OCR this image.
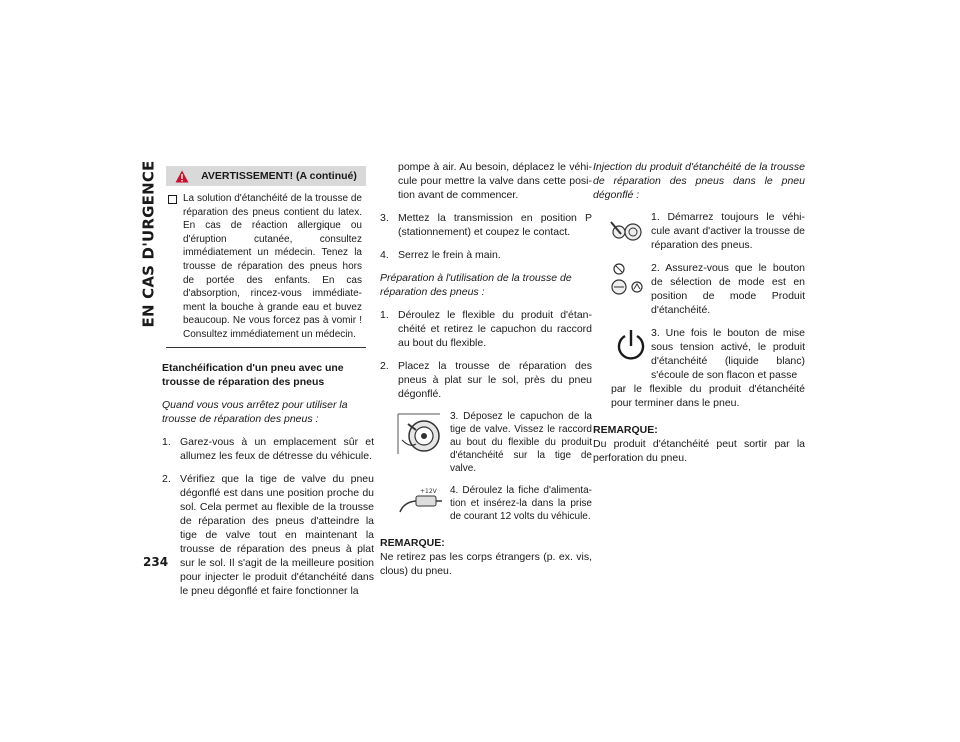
EN CAS D'URGENCE
234
AVERTISSEMENT! (A continué)

La solution d'étanchéité de la trousse de réparation des pneus contient du latex. En cas de réaction allergique ou d'éruption cutanée, consultez immédiatement un médecin. Tenez la trousse de réparation des pneus hors de portée des enfants. En cas d'absorption, rincez-vous immédiate-ment la bouche à grande eau et buvez beaucoup. Ne vous forcez pas à vomir ! Consultez immédiatement un médecin.

Etanchéification d'un pneu avec une trousse de réparation des pneus

Quand vous vous arrêtez pour utiliser la trousse de réparation des pneus :

1. Garez-vous à un emplacement sûr et allumez les feux de détresse du véhicule.
2. Vérifiez que la tige de valve du pneu dégonflé est dans une position proche du sol. Cela permet au flexible de la trousse de réparation des pneus d'atteindre la tige de valve tout en maintenant la trousse de réparation des pneus à plat sur le sol. Il s'agit de la meilleure position pour injecter le produit d'étanchéité dans le pneu dégonflé et faire fonctionner la

pompe à air. Au besoin, déplacez le véhi-cule pour mettre la valve dans cette posi-tion avant de commencer.

3. Mettez la transmission en position P (stationnement) et coupez le contact.
4. Serrez le frein à main.

Préparation à l'utilisation de la trousse de réparation des pneus :

1. Déroulez le flexible du produit d'étan-chéité et retirez le capuchon du raccord au bout du flexible.
2. Placez la trousse de réparation des pneus à plat sur le sol, près du pneu dégonflé.

3. Déposez le capuchon de la tige de valve. Vissez le raccord au bout du flexible du produit d'étanchéité sur la tige de valve.

+12V 4. Déroulez la fiche d'alimenta-tion et insérez-la dans la prise de courant 12 volts du véhicule.

REMARQUE:

Ne retirez pas les corps étrangers (p. ex. vis, clous) du pneu.

Injection du produit d'étanchéité de la trousse de réparation des pneus dans le pneu dégonflé :

1. Démarrez toujours le véhi-cule avant d'activer la trousse de réparation des pneus.

2. Assurez-vous que le bouton de sélection de mode est en position de mode Produit d'étanchéité.

3. Une fois le bouton de mise sous tension activé, le produit d'étanchéité (liquide blanc) s'écoule de son flacon et passe

par le flexible du produit d'étanchéité pour terminer dans le pneu.

REMARQUE:

Du produit d'étanchéité peut sortir par la perforation du pneu.
